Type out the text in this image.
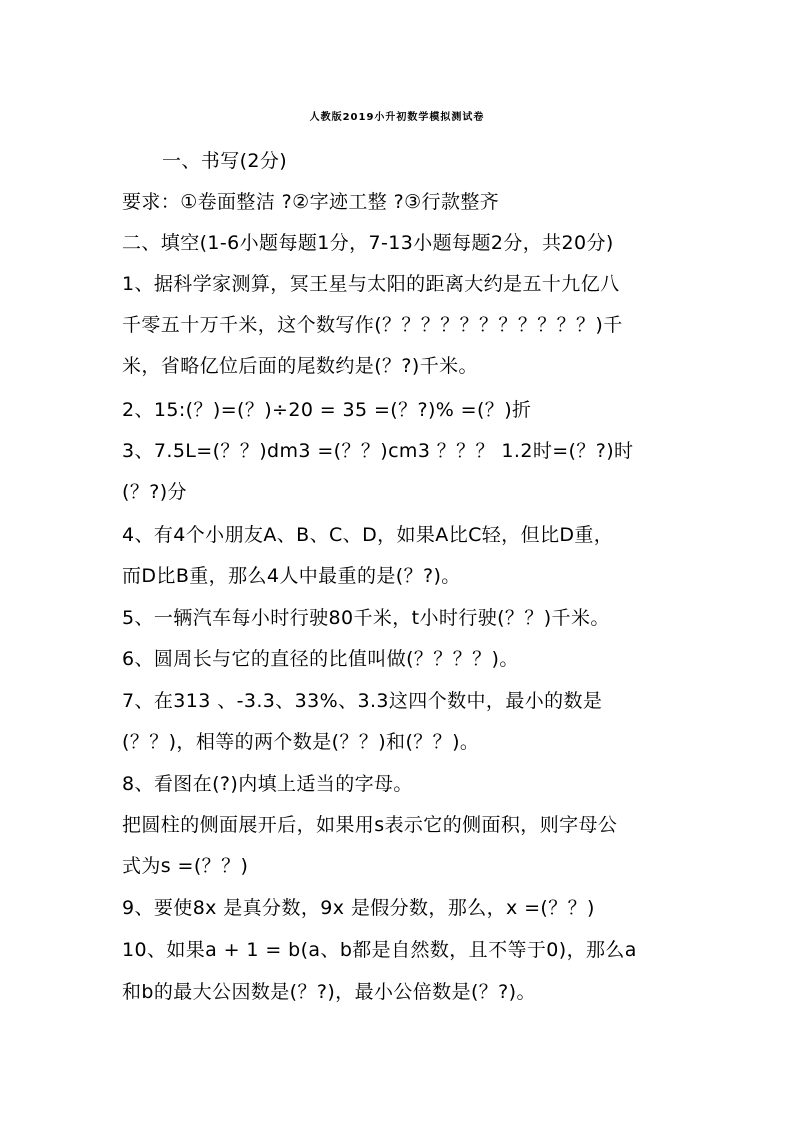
人教版2019小升初数学模拟测试卷
一、书写(2分)
要求：①卷面整洁 ?②字迹工整 ?③行款整齐
二、填空(1-6小题每题1分，7-13小题每题2分，共20分)
1、据科学家测算，冥王星与太阳的距离大约是五十九亿八
千零五十万千米，这个数写作(？？？？？？？？？？？)千
米，省略亿位后面的尾数约是(？?)千米。
2、15:(？)=(？)÷20 = 35 =(？?)% =(？)折
3、7.5L=(？？)dm3 =(？？)cm3 ？？？ 1.2时=(？?)时
(？?)分
4、有4个小朋友A、B、C、D，如果A比C轻，但比D重，
而D比B重，那么4人中最重的是(？?)。
5、一辆汽车每小时行驶80千米，t小时行驶(？？)千米。
6、圆周长与它的直径的比值叫做(？？？？)。
7、在313 、-3.3、33%、3.3这四个数中，最小的数是
(？？)，相等的两个数是(？？)和(？？)。
8、看图在(?)内填上适当的字母。
把圆柱的侧面展开后，如果用s表示它的侧面积，则字母公
式为s =(？？)
9、要使8x 是真分数，9x 是假分数，那么，x =(？？)
10、如果a + 1 = b(a、b都是自然数，且不等于0)，那么a
和b的最大公因数是(？?)，最小公倍数是(？?)。
